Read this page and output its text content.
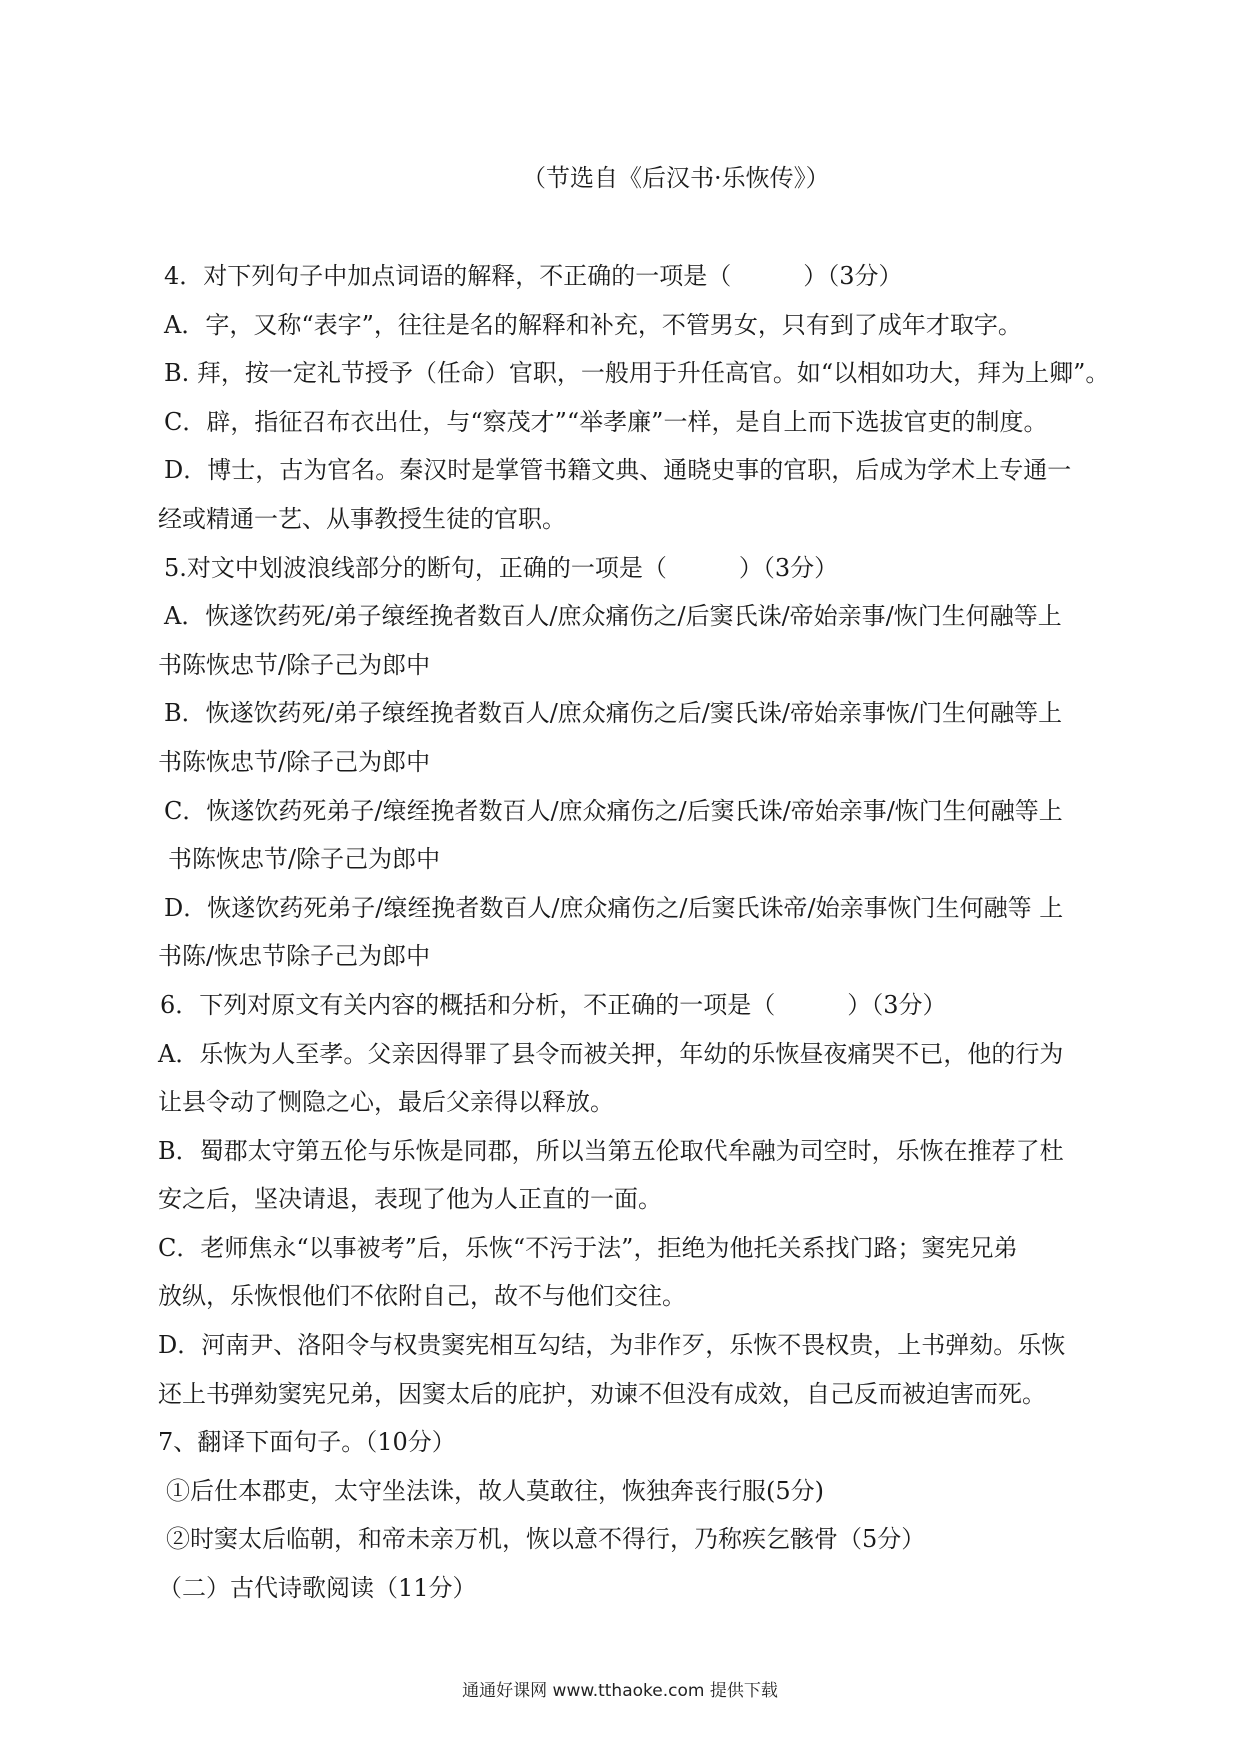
（节选自《后汉书·乐恢传》）
4．对下列句子中加点词语的解释，不正确的一项是（　　　）（3分）
A．字，又称“表字”，往往是名的解释和补充，不管男女，只有到了成年才取字。
B. 拜，按一定礼节授予（任命）官职，一般用于升任高官。如“以相如功大，拜为上卿”。
C．辟，指征召布衣出仕，与“察茂才”“举孝廉”一样，是自上而下选拔官吏的制度。
D．博士，古为官名。秦汉时是掌管书籍文典、通晓史事的官职，后成为学术上专通一
经或精通一艺、从事教授生徒的官职。
5.对文中划波浪线部分的断句，正确的一项是（　　　）（3分）
A．恢遂饮药死/弟子缞绖挽者数百人/庶众痛伤之/后窦氏诛/帝始亲事/恢门生何融等上
书陈恢忠节/除子己为郎中
B．恢遂饮药死/弟子缞绖挽者数百人/庶众痛伤之后/窦氏诛/帝始亲事恢/门生何融等上
书陈恢忠节/除子己为郎中
C．恢遂饮药死弟子/缞绖挽者数百人/庶众痛伤之/后窦氏诛/帝始亲事/恢门生何融等上
书陈恢忠节/除子己为郎中
D．恢遂饮药死弟子/缞绖挽者数百人/庶众痛伤之/后窦氏诛帝/始亲事恢门生何融等 上
书陈/恢忠节除子己为郎中
6．下列对原文有关内容的概括和分析，不正确的一项是（　　　）（3分）
A．乐恢为人至孝。父亲因得罪了县令而被关押，年幼的乐恢昼夜痛哭不已，他的行为
让县令动了恻隐之心，最后父亲得以释放。
B．蜀郡太守第五伦与乐恢是同郡，所以当第五伦取代牟融为司空时，乐恢在推荐了杜
安之后，坚决请退，表现了他为人正直的一面。
C．老师焦永“以事被考”后，乐恢“不污于法”，拒绝为他托关系找门路；窦宪兄弟
放纵，乐恢恨他们不依附自己，故不与他们交往。
D．河南尹、洛阳令与权贵窦宪相互勾结，为非作歹，乐恢不畏权贵，上书弹劾。乐恢
还上书弹劾窦宪兄弟，因窦太后的庇护，劝谏不但没有成效，自己反而被迫害而死。
7、翻译下面句子。（10分）
①后仕本郡吏，太守坐法诛，故人莫敢往，恢独奔丧行服(5分)
②时窦太后临朝，和帝未亲万机，恢以意不得行，乃称疾乞骸骨（5分）
（二）古代诗歌阅读（11分）
通通好课网 www.tthaoke.com 提供下载
